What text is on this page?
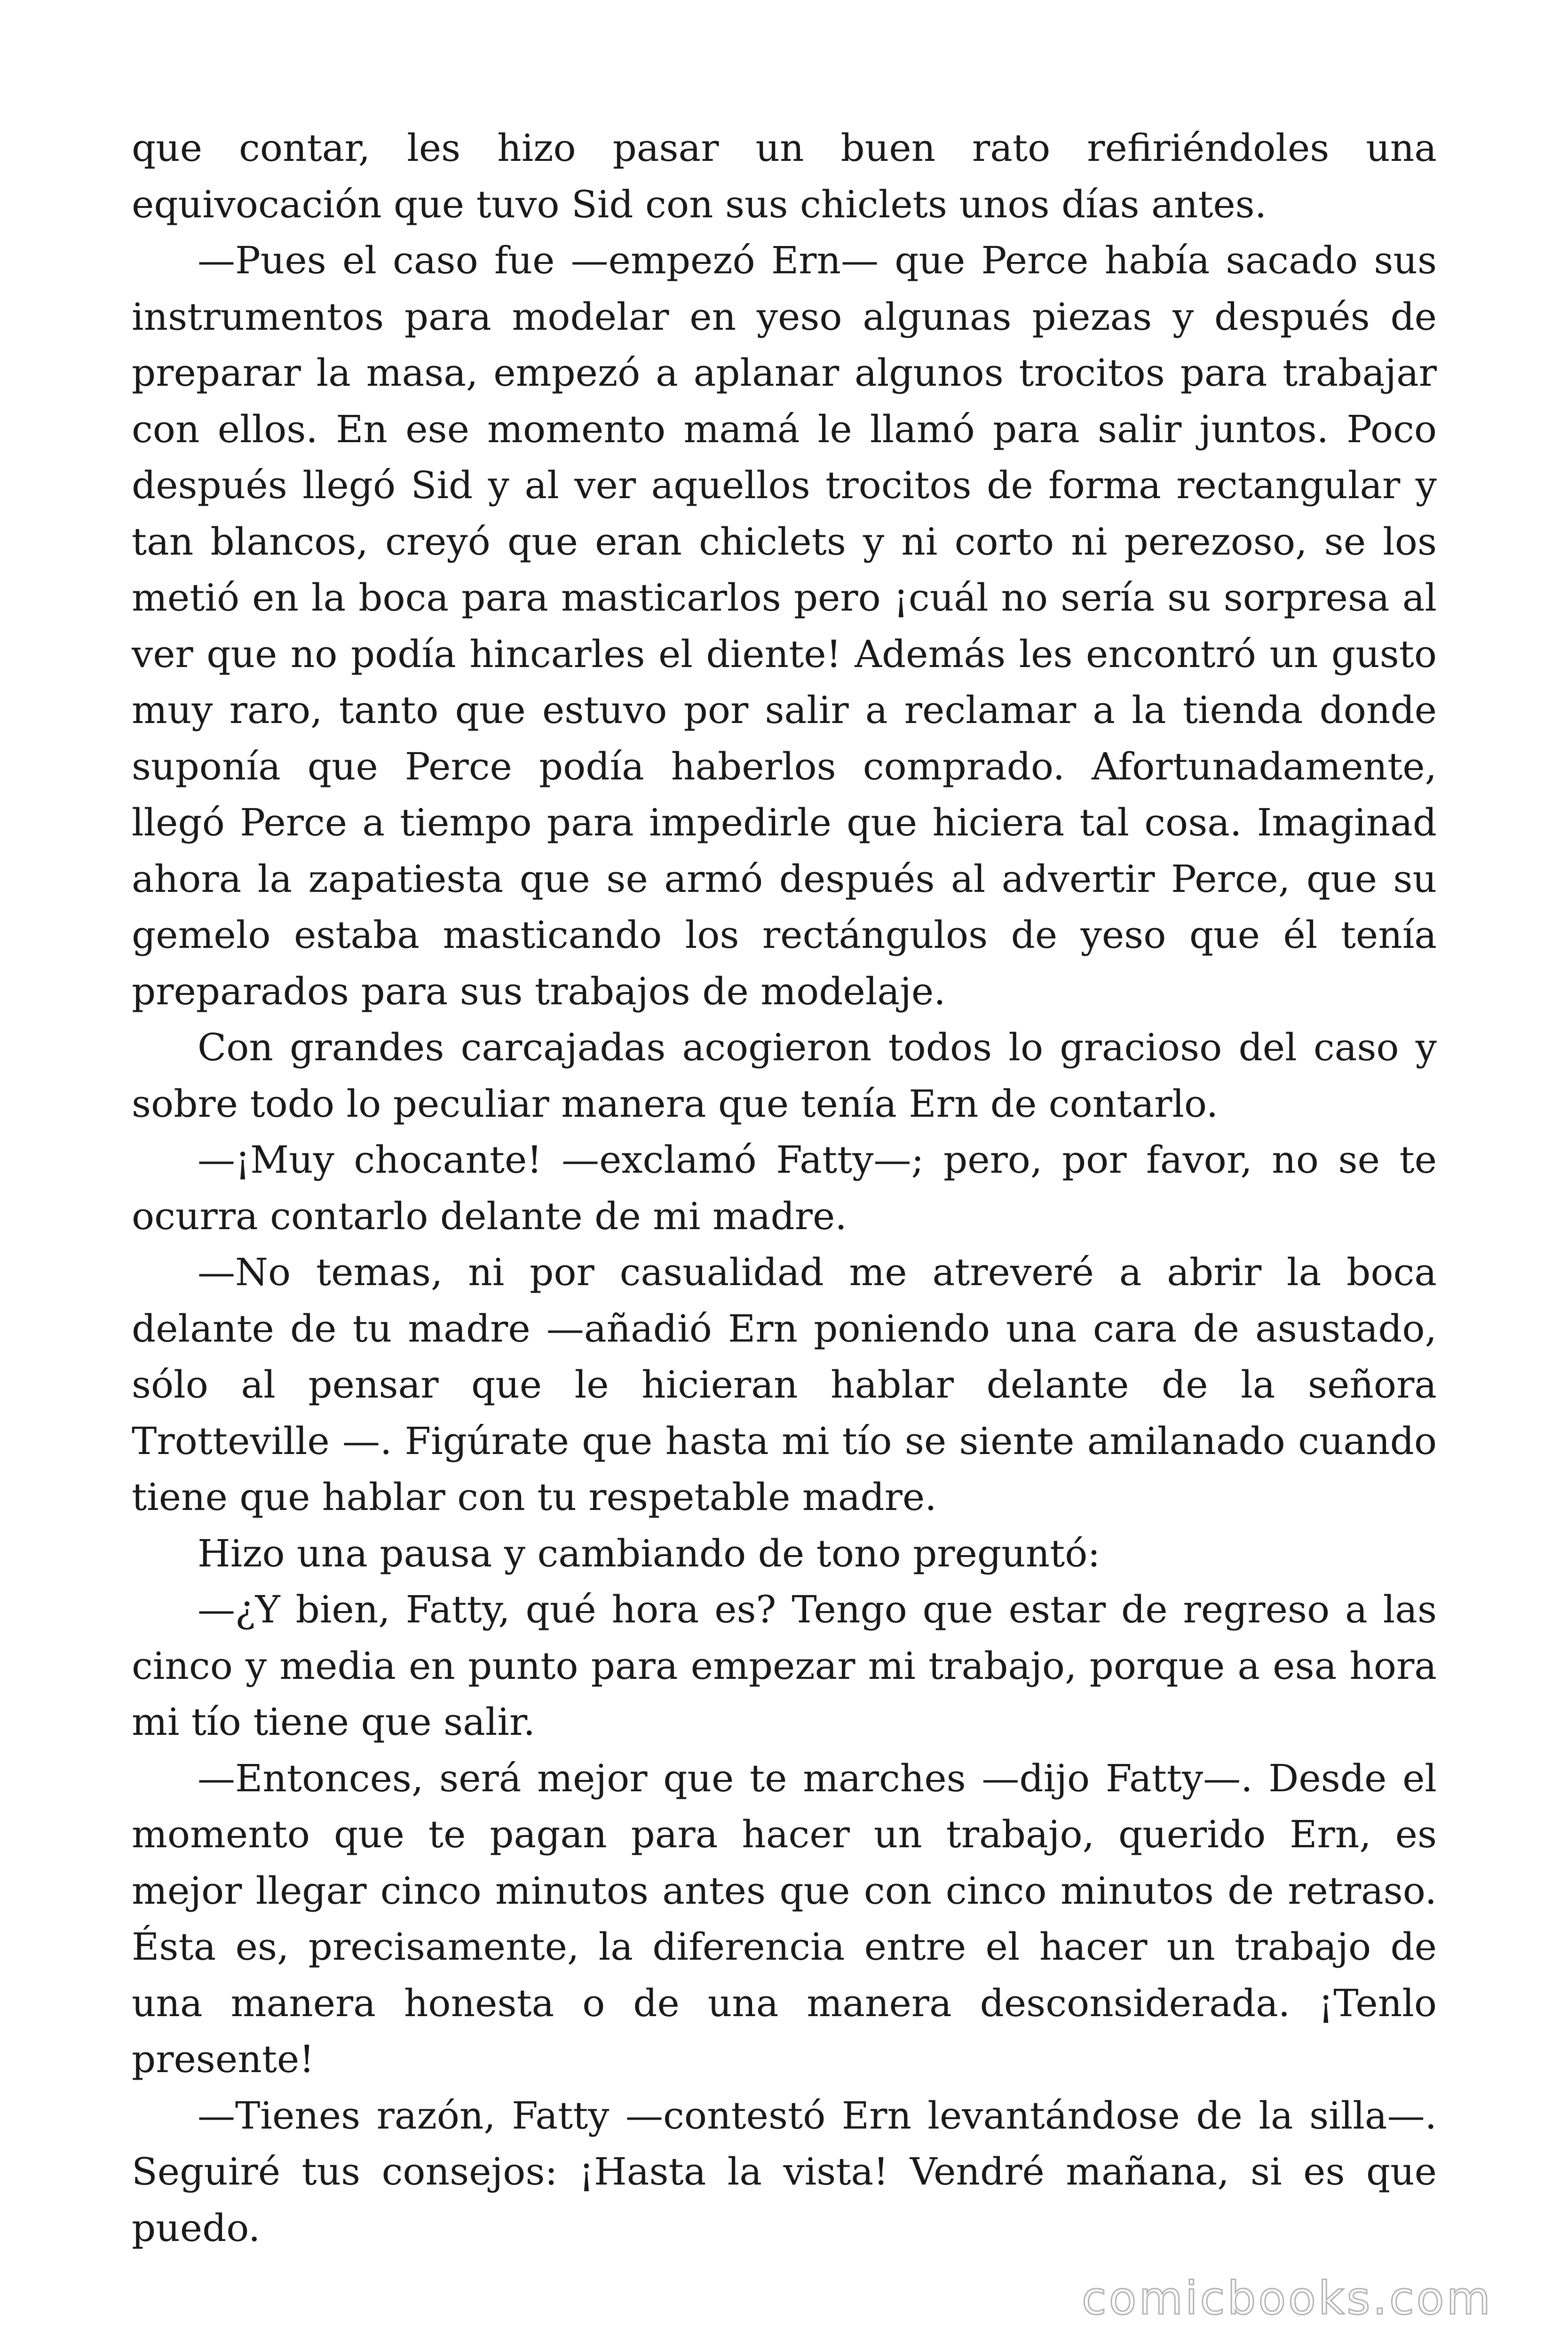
que contar, les hizo pasar un buen rato refiriéndoles una equivocación que tuvo Sid con sus chiclets unos días antes.

—Pues el caso fue —empezó Ern— que Perce había sacado sus instrumentos para modelar en yeso algunas piezas y después de preparar la masa, empezó a aplanar algunos trocitos para trabajar con ellos. En ese momento mamá le llamó para salir juntos. Poco después llegó Sid y al ver aquellos trocitos de forma rectangular y tan blancos, creyó que eran chiclets y ni corto ni perezoso, se los metió en la boca para masticarlos pero ¡cuál no sería su sorpresa al ver que no podía hincarles el diente! Además les encontró un gusto muy raro, tanto que estuvo por salir a reclamar a la tienda donde suponía que Perce podía haberlos comprado. Afortunadamente, llegó Perce a tiempo para impedirle que hiciera tal cosa. Imaginad ahora la zapatiesta que se armó después al advertir Perce, que su gemelo estaba masticando los rectángulos de yeso que él tenía preparados para sus trabajos de modelaje.

Con grandes carcajadas acogieron todos lo gracioso del caso y sobre todo lo peculiar manera que tenía Ern de contarlo.

—¡Muy chocante! —exclamó Fatty—; pero, por favor, no se te ocurra contarlo delante de mi madre.

—No temas, ni por casualidad me atreveré a abrir la boca delante de tu madre —añadió Ern poniendo una cara de asustado, sólo al pensar que le hicieran hablar delante de la señora Trotteville —. Figúrate que hasta mi tío se siente amilanado cuando tiene que hablar con tu respetable madre.

Hizo una pausa y cambiando de tono preguntó:

—¿Y bien, Fatty, qué hora es? Tengo que estar de regreso a las cinco y media en punto para empezar mi trabajo, porque a esa hora mi tío tiene que salir.

—Entonces, será mejor que te marches —dijo Fatty—. Desde el momento que te pagan para hacer un trabajo, querido Ern, es mejor llegar cinco minutos antes que con cinco minutos de retraso. Ésta es, precisamente, la diferencia entre el hacer un trabajo de una manera honesta o de una manera desconsiderada. ¡Tenlo presente!

—Tienes razón, Fatty —contestó Ern levantándose de la silla—. Seguiré tus consejos: ¡Hasta la vista! Vendré mañana, si es que puedo.

comicbooks.com
